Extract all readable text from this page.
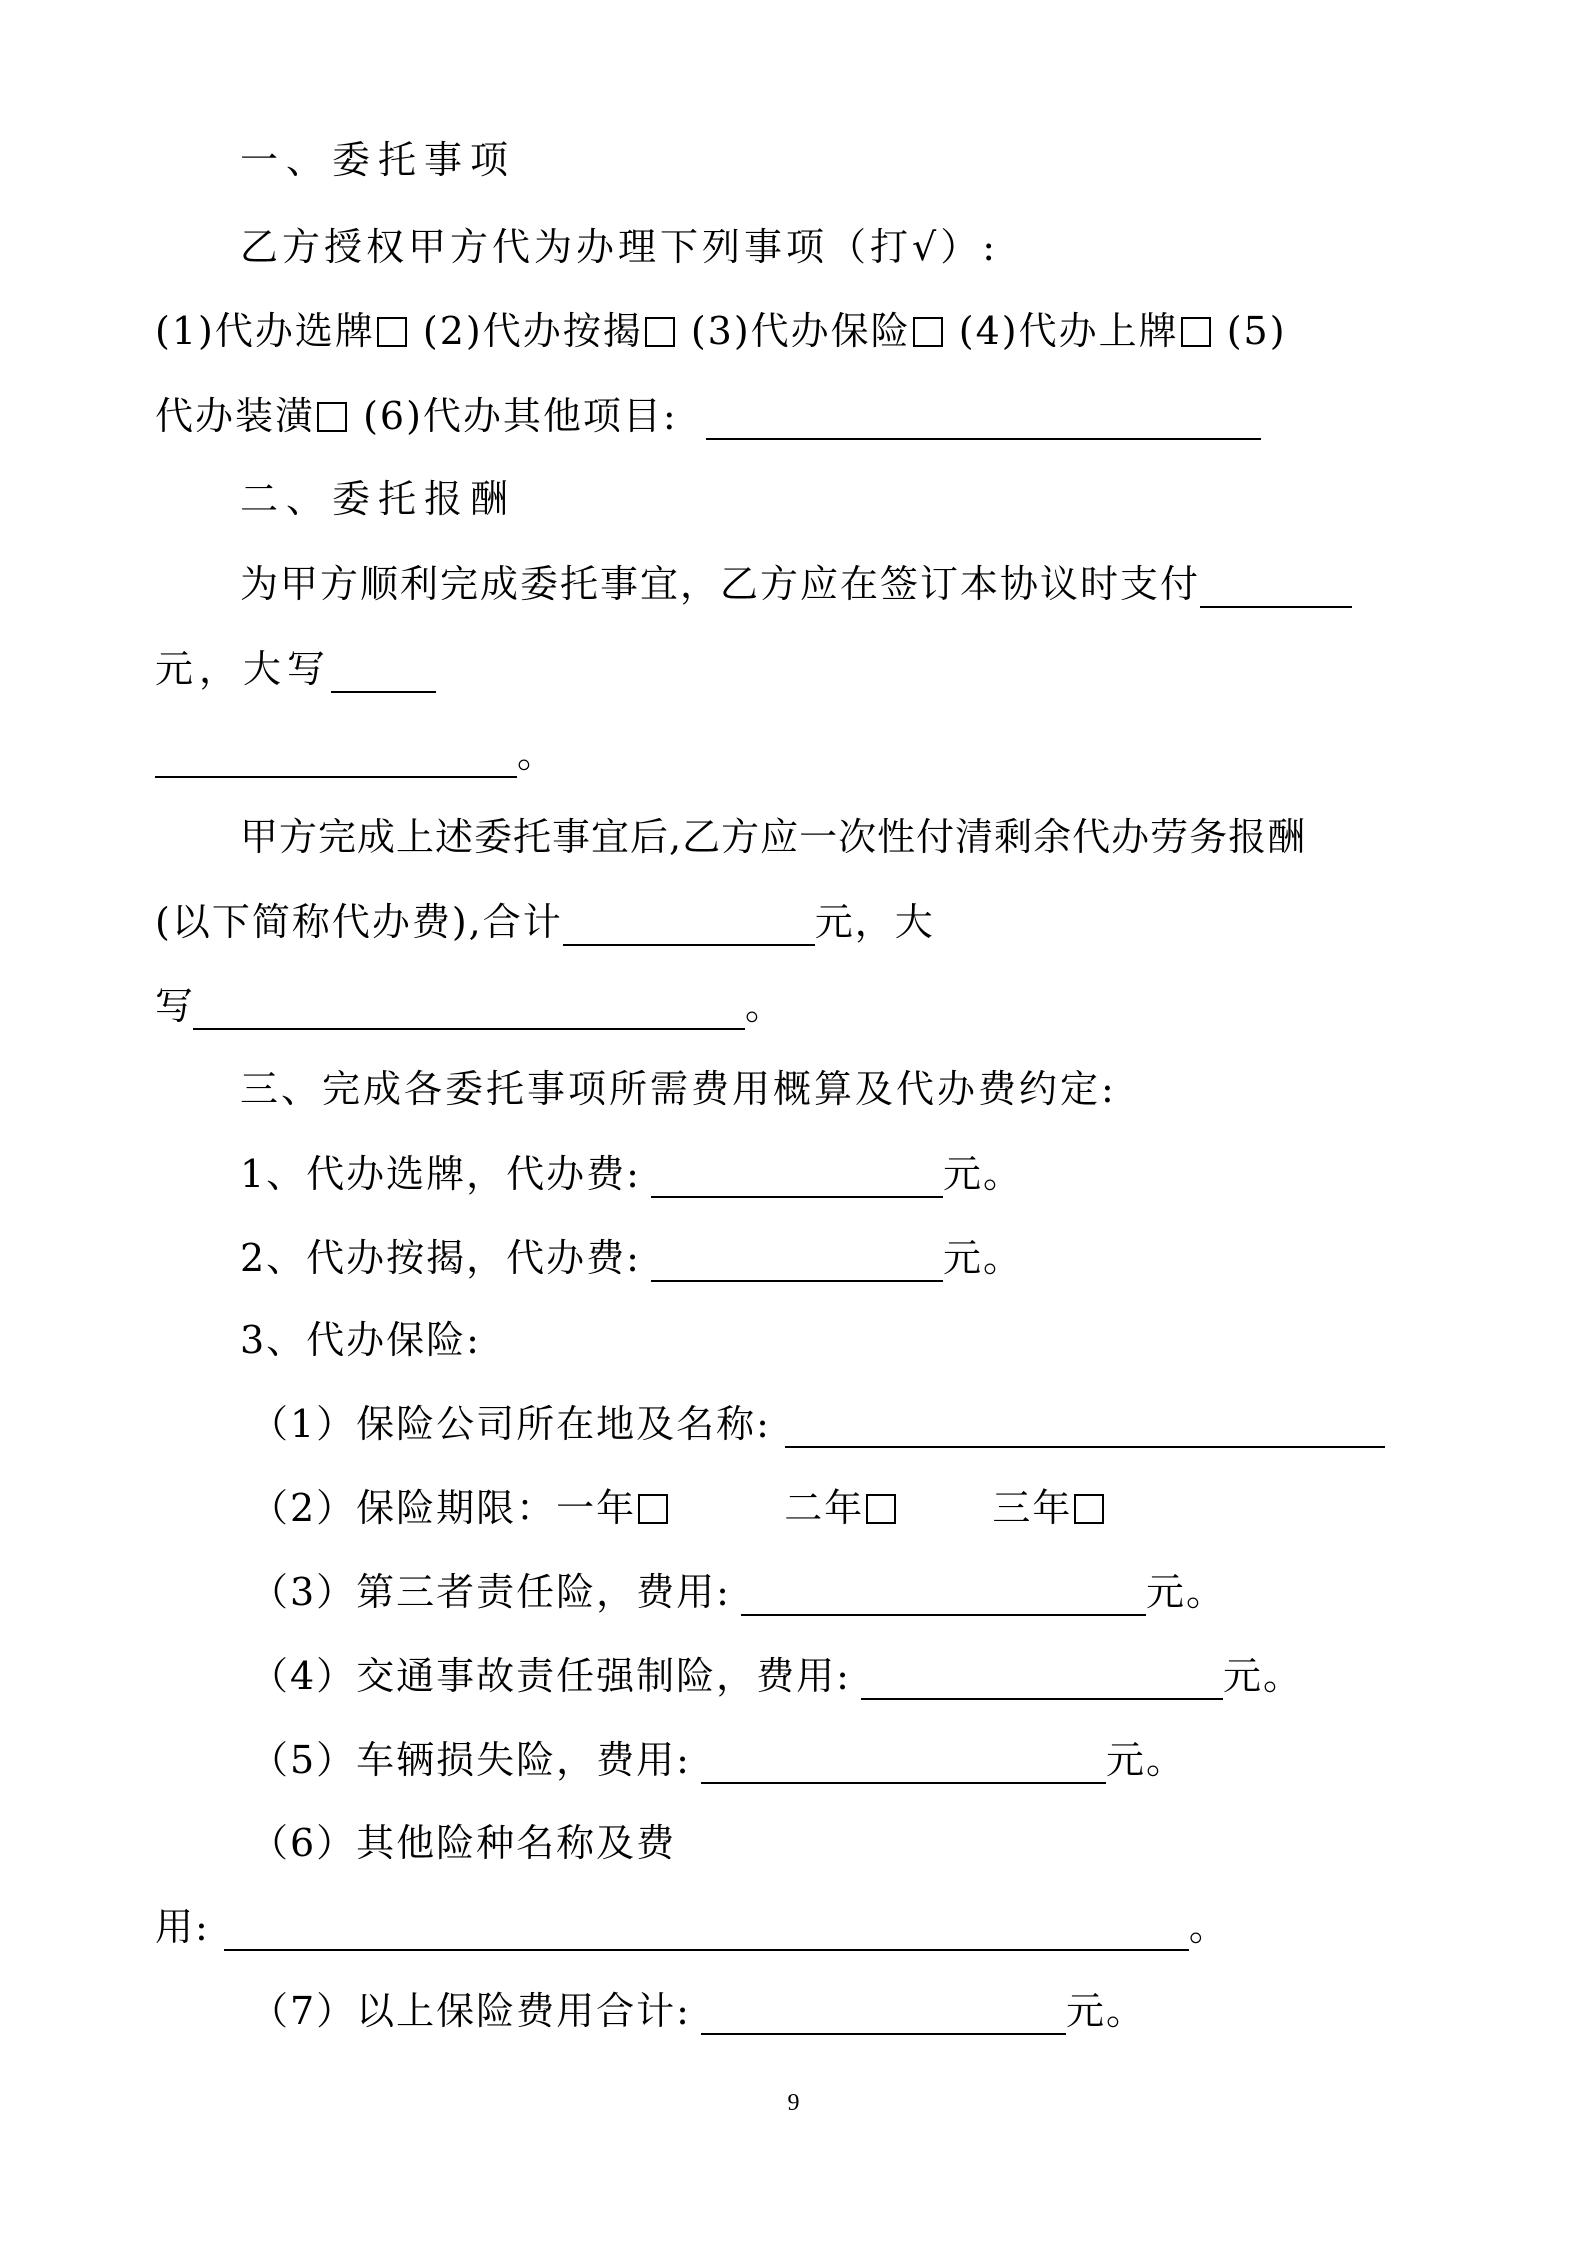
一、委托事项
乙方授权甲方代为办理下列事项（打√）:
(1)代办选牌 (2)代办按揭 (3)代办保险 (4)代办上牌 (5)
代办装潢 (6)代办其他项目:
二、委托报酬
为甲方顺利完成委托事宜，乙方应在签订本协议时支付
元，大写
。
甲方完成上述委托事宜后,乙方应一次性付清剩余代办劳务报酬
(以下简称代办费),合计	元，大
写	。
三、完成各委托事项所需费用概算及代办费约定:
1、代办选牌，代办费:	元。
2、代办按揭，代办费:	元。
3、代办保险:
（1）保险公司所在地及名称:
（2）保险期限：一年	二年	三年
（3）第三者责任险，费用:	元。
（4）交通事故责任强制险，费用:	元。
（5）车辆损失险，费用:	元。
（6）其他险种名称及费
用:	。
（7）以上保险费用合计:	元。
9
